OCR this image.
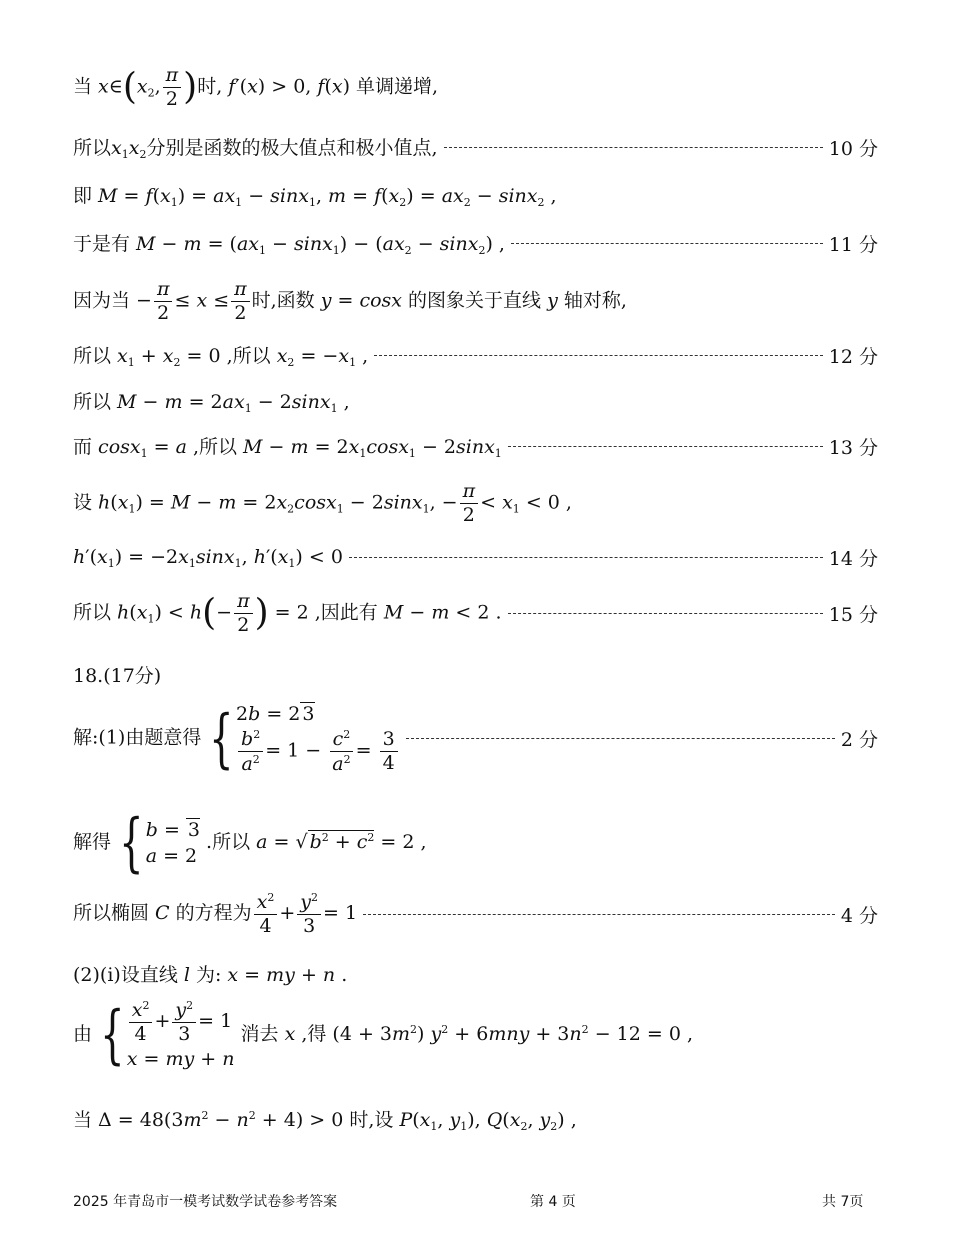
当 $x\in(x_2$, $\frac{\pi}{2}$ )时, f′(x) > 0, f(x) 单调递增,
所以$x_1x_2$分别是函数的极大值点和极小值点,	10 分
即 $M = f(x_1) = ax_1 - \sin x_1$, $m = f(x_2) = ax_2 - \sin x_2$ ,
于是有 $M - m = (ax_1 - \sin x_1) - (ax_2 - \sin x_2)$ ,	11 分
因为当 − $\frac{\pi}{2} \le x \le \frac{\pi}{2}$ 时,函数 y = cosx 的图象关于直线 y 轴对称,
所以 $x_1 + x_2 = 0$ ,所以 $x_2 = -x_1$ ,	12 分
所以 $M - m = 2ax_1 - 2\sin x_1$ ,
而 cosx$_1$ = a ,所以 $M - m = 2x_1\cos x_1 - 2\sin x_1$	13 分
设 $h(x_1) = M - m = 2x_2\cos x_1 - 2\sin x_1$, − $\frac{\pi}{2} < x_1 < 0$ ,
$h'(x_1) = -2x_1\sin x_1$, $h'(x_1) < 0$	14 分
所以 $h(x_1) < h(- \frac{\pi}{2}$ ) = 2 ,因此有 M − m < 2 .	15 分
18.(17分)
解:(1)由题意得 { 2b = 2 3
$\frac{b^2}{a^2} = 1 - \frac{c^2}{a^2} = \frac{3}{4}$	2 分
解得 { b = 3
a = 2
.所以 a = √ $b^2 + c^2 = 2$ ,
所以椭圆 C 的方程为 $\frac{x^2}{4} + \frac{y^2}{3} = 1$	4 分
(2)(i)设直线 l 为: x = my + n .
由 { $\frac{x^2}{4} + \frac{y^2}{3} = 1$
x = my + n
消去 x ,得 $(4 + 3m^2)$ $y^2 + 6mny + 3n^2 - 12 = 0$ ,
当 $\Delta = 48(3m^2 - n^2 + 4) > 0$ 时,设 $P(x_1$, $y_1$), $Q(x_2$, $y_2$) ,
2025 年青岛市一模考试数学试卷参考答案	第 4 页	共 7页
